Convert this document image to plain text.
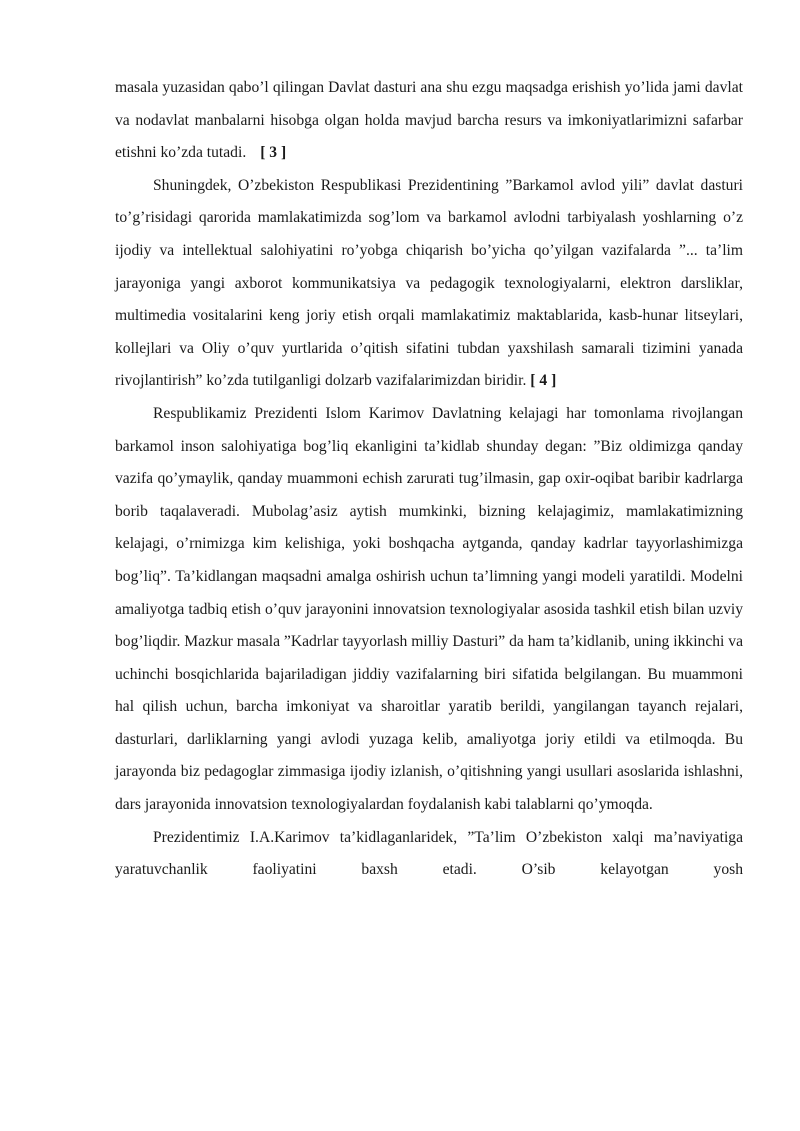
masala yuzasidan qabo’l qilingan Davlat dasturi ana shu ezgu maqsadga erishish yo’lida jami davlat va nodavlat manbalarni hisobga olgan holda mavjud barcha resurs va imkoniyatlarimizni safarbar etishni ko’zda tutadi. [ 3 ]

Shuningdek, O’zbekiston Respublikasi Prezidentining ”Barkamol avlod yili” davlat dasturi to’g’risidagi qarorida mamlakatimizda sog’lom va barkamol avlodni tarbiyalash yoshlarning o’z ijodiy va intellektual salohiyatini ro’yobga chiqarish bo’yicha qo’yilgan vazifalarda ”... ta’lim jarayoniga yangi axborot kommunikatsiya va pedagogik texnologiyalarni, elektron darsliklar, multimedia vositalarini keng joriy etish orqali mamlakatimiz maktablarida, kasb-hunar litseylari, kollejlari va Oliy o’quv yurtlarida o’qitish sifatini tubdan yaxshilash samarali tizimini yanada rivojlantirish” ko’zda tutilganligi dolzarb vazifalarimizdan biridir. [ 4 ]

Respublikamiz Prezidenti Islom Karimov Davlatning kelajagi har tomonlama rivojlangan barkamol inson salohiyatiga bog’liq ekanligini ta’kidlab shunday degan: ”Biz oldimizga qanday vazifa qo’ymaylik, qanday muammoni echish zarurati tug’ilmasin, gap oxir-oqibat baribir kadrlarga borib taqalaveradi. Mubolag’asiz aytish mumkinki, bizning kelajagimiz, mamlakatimizning kelajagi, o’rnimizga kim kelishiga, yoki boshqacha aytganda, qanday kadrlar tayyorlashimizga bog’liq”. Ta’kidlangan maqsadni amalga oshirish uchun ta’limning yangi modeli yaratildi. Modelni amaliyotga tadbiq etish o’quv jarayonini innovatsion texnologiyalar asosida tashkil etish bilan uzviy bog’liqdir. Mazkur masala ”Kadrlar tayyorlash milliy Dasturi” da ham ta’kidlanib, uning ikkinchi va uchinchi bosqichlarida bajariladigan jiddiy vazifalarning biri sifatida belgilangan. Bu muammoni hal qilish uchun, barcha imkoniyat va sharoitlar yaratib berildi, yangilangan tayanch rejalari, dasturlari, darliklarning yangi avlodi yuzaga kelib, amaliyotga joriy etildi va etilmoqda. Bu jarayonda biz pedagoglar zimmasiga ijodiy izlanish, o’qitishning yangi usullari asoslarida ishlashni, dars jarayonida innovatsion texnologiyalardan foydalanish kabi talablarni qo’ymoqda.

Prezidentimiz I.A.Karimov ta’kidlaganlaridek, ”Ta’lim O’zbekiston xalqi ma’naviyatiga yaratuvchanlik faoliyatini baxsh etadi. O’sib kelayotgan yosh
